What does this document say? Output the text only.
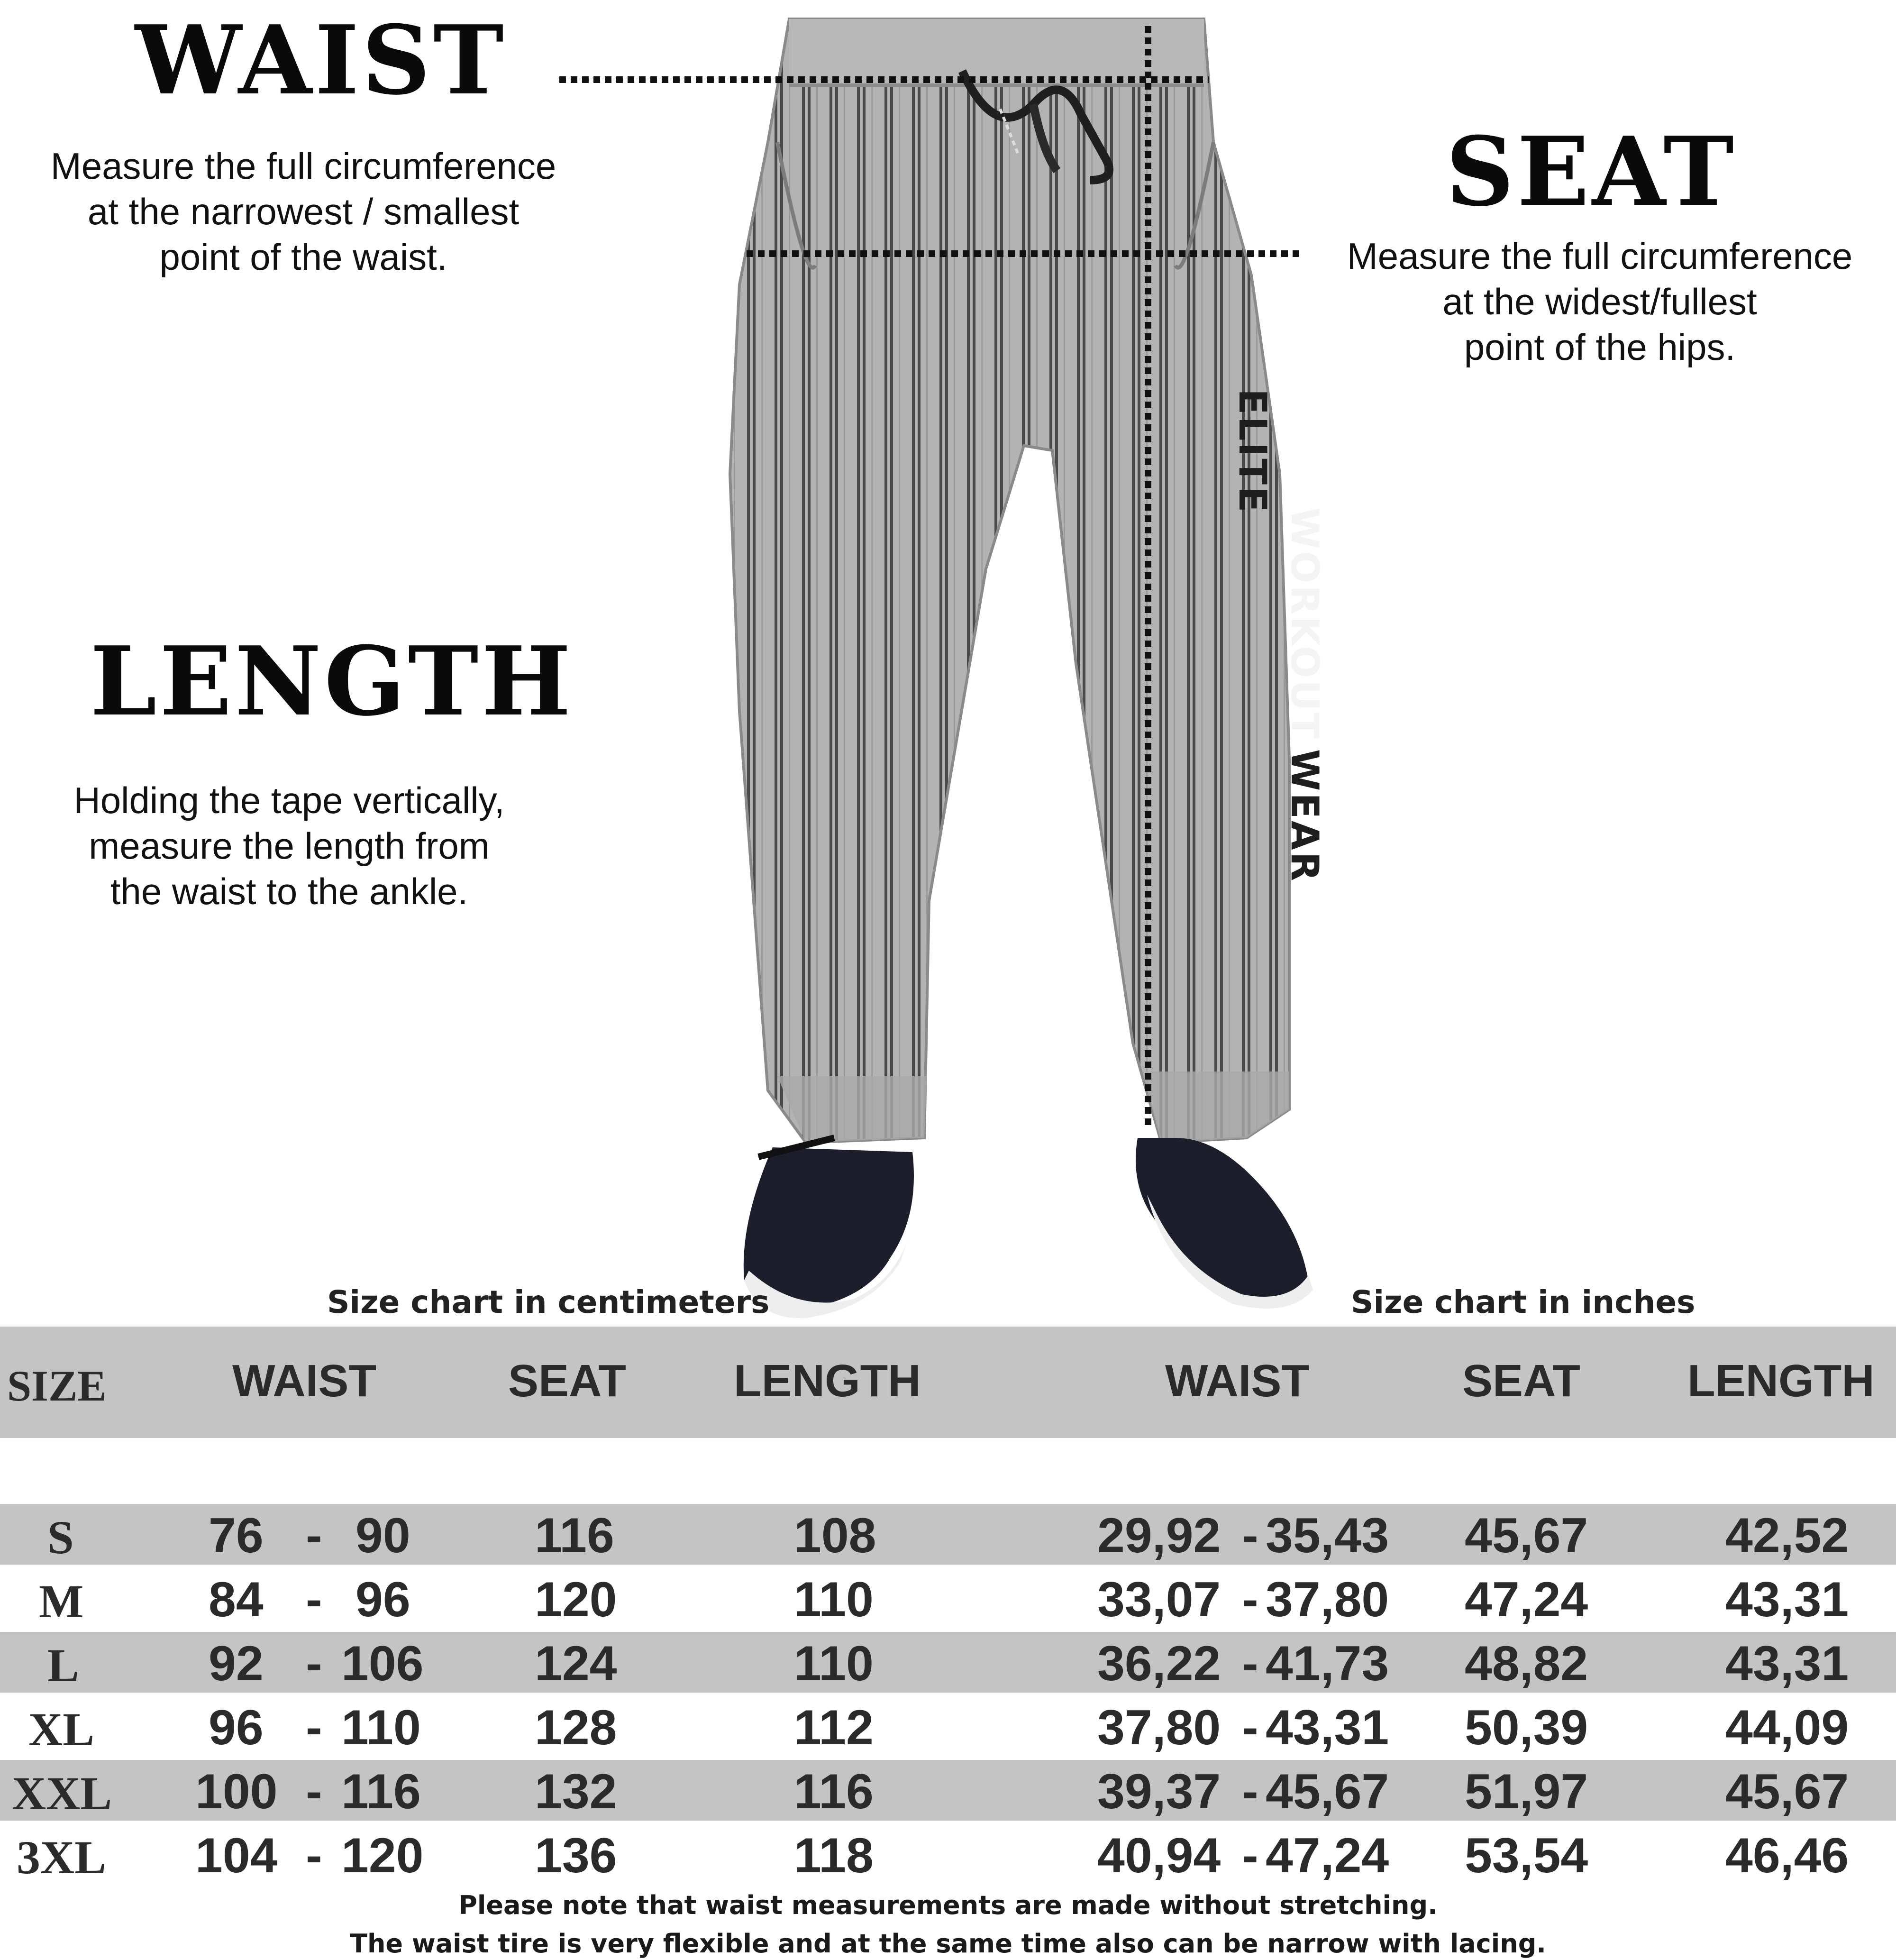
ELITE
WORKOUT
WEAR
WAIST
Measure the full circumference
at the narrowest / smallest
point of the waist.
SEAT
Measure the full circumference
at the widest/fullest
point of the hips.
LENGTH
Holding the tape vertically,
measure the length from
the waist to the ankle.
Size chart in centimeters	Size chart in inches
SIZE	WAIST	SEAT LENGTH	WAIST	SEAT LENGTH
S	76 - 90	116	108	29,92 - 35,43 45,67	42,52
M	84 - 96	120	110	33,07 - 37,80 47,24	43,31
L	92 - 106 124	110	36,22 - 41,73 48,82	43,31
XL 96 - 110 128	112	37,80 - 43,31 50,39	44,09
XXL 100 - 116 132	116	39,37 - 45,67 51,97	45,67
3XL 104 - 120 136	118	40,94 - 47,24 53,54	46,46
Please note that waist measurements are made without stretching.
The waist tire is very flexible and at the same time also can be narrow with lacing.
